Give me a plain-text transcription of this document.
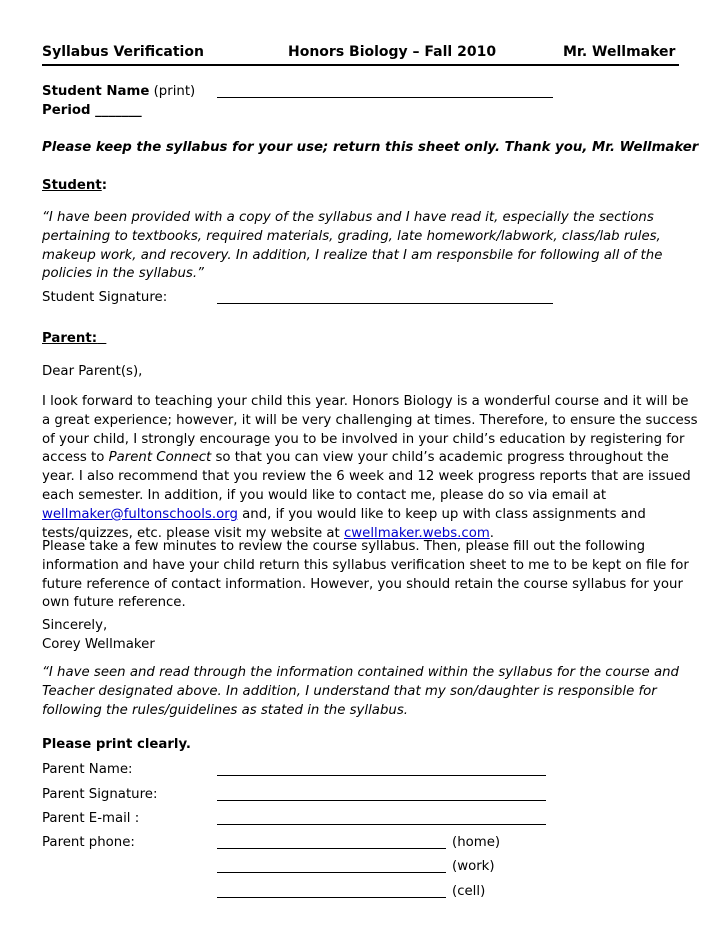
Syllabus Verification	Honors Biology – Fall 2010	Mr. Wellmaker
Student Name (print)
Period _______
Please keep the syllabus for your use; return this sheet only. Thank you, Mr. Wellmaker
Student:
“I have been provided with a copy of the syllabus and I have read it, especially the sections
pertaining to textbooks, required materials, grading, late homework/labwork, class/lab rules,
makeup work, and recovery. In addition, I realize that I am responsbile for following all of the
policies in the syllabus.”
Student Signature:
Parent:
Dear Parent(s),
I look forward to teaching your child this year. Honors Biology is a wonderful course and it will be
a great experience; however, it will be very challenging at times. Therefore, to ensure the success
of your child, I strongly encourage you to be involved in your child’s education by registering for
access to Parent Connect so that you can view your child’s academic progress throughout the
year. I also recommend that you review the 6 week and 12 week progress reports that are issued
each semester. In addition, if you would like to contact me, please do so via email at
wellmaker@fultonschools.org and, if you would like to keep up with class assignments and
tests/quizzes, etc. please visit my website at cwellmaker.webs.com.
Please take a few minutes to review the course syllabus. Then, please fill out the following
information and have your child return this syllabus verification sheet to me to be kept on file for
future reference of contact information. However, you should retain the course syllabus for your
own future reference.
Sincerely,
Corey Wellmaker
“I have seen and read through the information contained within the syllabus for the course and
Teacher designated above. In addition, I understand that my son/daughter is responsible for
following the rules/guidelines as stated in the syllabus.
Please print clearly.
Parent Name:
Parent Signature:
Parent E-mail :
Parent phone:	(home)
(work)
(cell)
